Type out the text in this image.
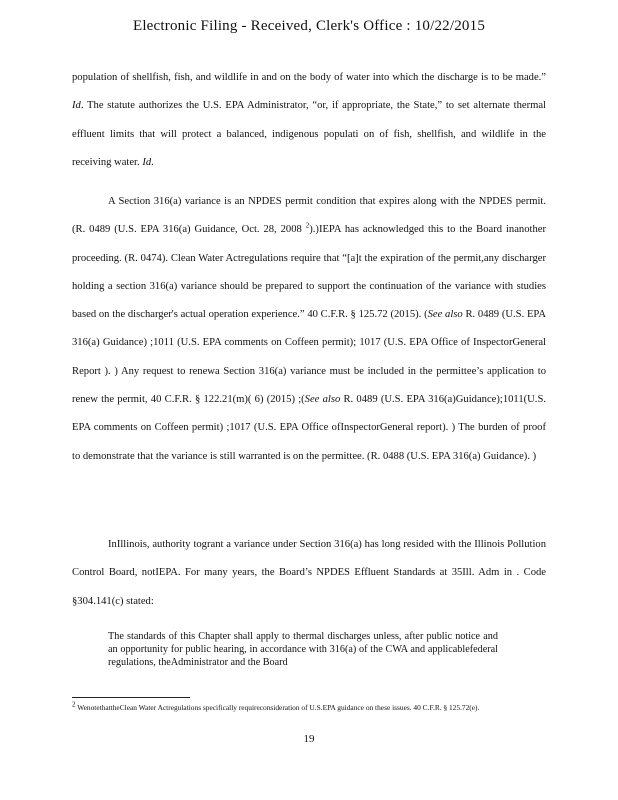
Electronic Filing - Received, Clerk's Office : 10/22/2015

population of shellfish, fish, and wildlife in and on the body of water into which the discharge is to be made.” Id. The statute authorizes the U.S. EPA Administrator, “or, if appropriate, the State,” to set alternate thermal effluent limits that will protect a balanced, indigenous populati on of fish, shellfish, and wildlife in the receiving water. Id.

A Section 316(a) variance is an NPDES permit condition that expires along with the NPDES permit. (R. 0489 (U.S. EPA 316(a) Guidance, Oct. 28, 2008 $^2$).)IEPA has acknowledged this to the Board inanother proceeding. (R. 0474). Clean Water Actregulations require that “[a]t the expiration of the permit,any discharger holding a section 316(a) variance should be prepared to support the continuation of the variance with studies based on the discharger's actual operation experience.” 40 C.F.R. § 125.72 (2015). (See also R. 0489 (U.S. EPA 316(a) Guidance) ;1011 (U.S. EPA comments on Coffeen permit); 1017 (U.S. EPA Office of InspectorGeneral Report ). ) Any request to renewa Section 316(a) variance must be included in the permittee’s application to renew the permit, 40 C.F.R. § 122.21(m)( 6) (2015) ;(See also R. 0489 (U.S. EPA 316(a)Guidance);1011(U.S. EPA comments on Coffeen permit) ;1017 (U.S. EPA Office ofInspectorGeneral report). ) The burden of proof to demonstrate that the variance is still warranted is on the permittee. (R. 0488 (U.S. EPA 316(a) Guidance). )

InIllinois, authority togrant a variance under Section 316(a) has long resided with the Illinois Pollution Control Board, notIEPA. For many years, the Board’s NPDES Effluent Standards at 35Ill. Adm in . Code §304.141(c) stated:

The standards of this Chapter shall apply to thermal discharges unless, after public notice and an opportunity for public hearing, in accordance with 316(a) of the CWA and applicablefederal regulations, theAdministrator and the Board

$^2$ WenotethattheClean Water Actregulations specifically requireconsideration of U.S.EPA guidance on these issues. 40 C.F.R. § 125.72(e).

19
